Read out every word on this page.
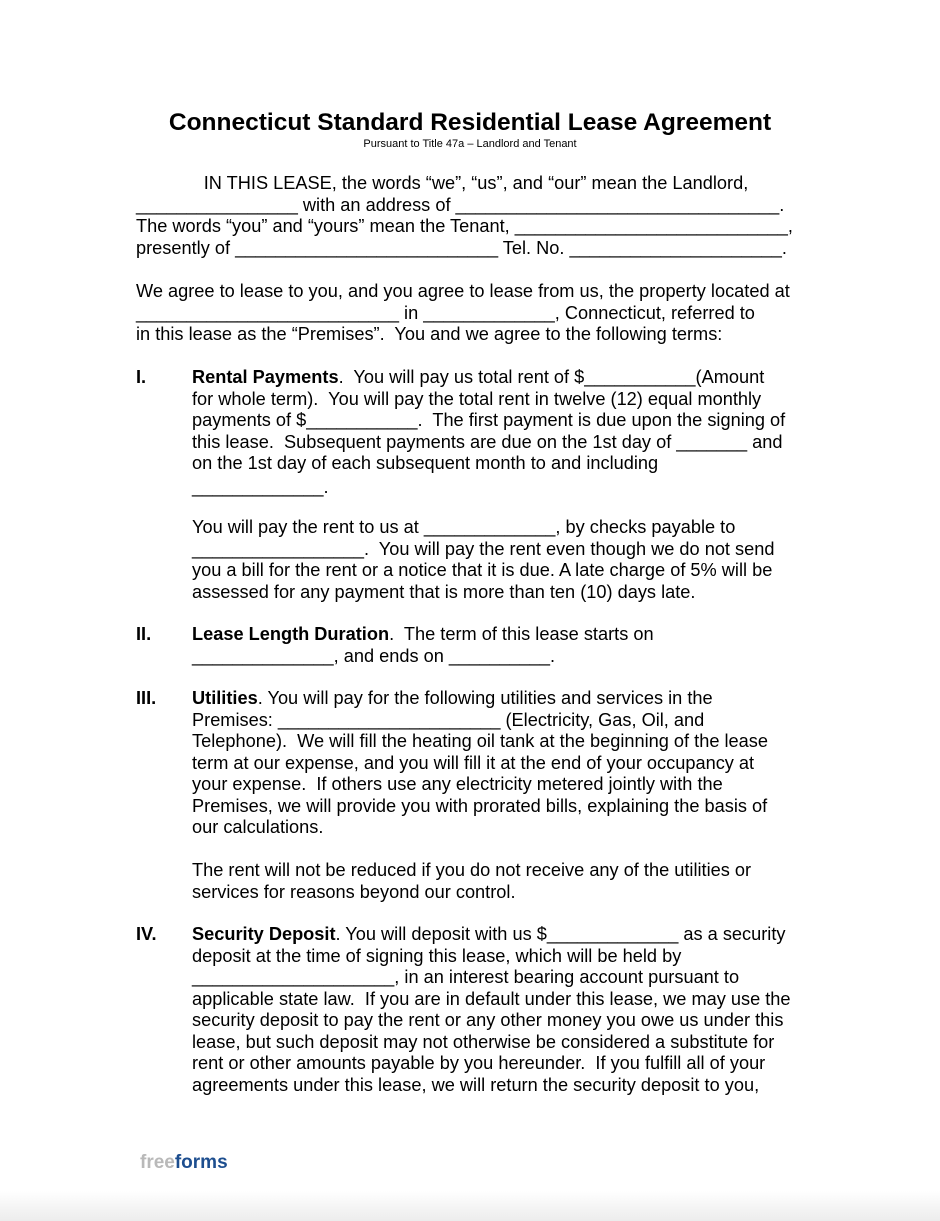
Connecticut Standard Residential Lease Agreement
Pursuant to Title 47a – Landlord and Tenant
IN THIS LEASE, the words “we”, “us”, and “our” mean the Landlord,
________________ with an address of ________________________________.
The words “you” and “yours” mean the Tenant, ___________________________,
presently of __________________________ Tel. No. _____________________.
We agree to lease to you, and you agree to lease from us, the property located at
__________________________ in _____________, Connecticut, referred to
in this lease as the “Premises”.  You and we agree to the following terms:
I.	Rental Payments.  You will pay us total rent of $___________(Amount
for whole term).  You will pay the total rent in twelve (12) equal monthly
payments of $___________.  The first payment is due upon the signing of
this lease.  Subsequent payments are due on the 1st day of _______ and
on the 1st day of each subsequent month to and including
_____________.
You will pay the rent to us at _____________, by checks payable to
_________________.  You will pay the rent even though we do not send
you a bill for the rent or a notice that it is due. A late charge of 5% will be
assessed for any payment that is more than ten (10) days late.
II.	Lease Length Duration.  The term of this lease starts on
______________, and ends on __________.
III.	Utilities. You will pay for the following utilities and services in the
Premises: ______________________ (Electricity, Gas, Oil, and
Telephone).  We will fill the heating oil tank at the beginning of the lease
term at our expense, and you will fill it at the end of your occupancy at
your expense.  If others use any electricity metered jointly with the
Premises, we will provide you with prorated bills, explaining the basis of
our calculations.
The rent will not be reduced if you do not receive any of the utilities or
services for reasons beyond our control.
IV.	Security Deposit. You will deposit with us $_____________ as a security
deposit at the time of signing this lease, which will be held by
____________________, in an interest bearing account pursuant to
applicable state law.  If you are in default under this lease, we may use the
security deposit to pay the rent or any other money you owe us under this
lease, but such deposit may not otherwise be considered a substitute for
rent or other amounts payable by you hereunder.  If you fulfill all of your
agreements under this lease, we will return the security deposit to you,
freeforms
